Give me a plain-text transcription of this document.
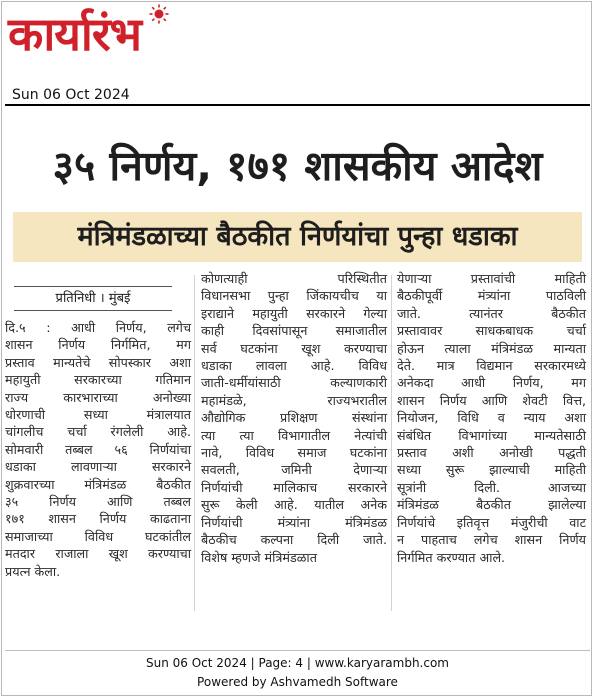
कार्यारंभ
Sun 06 Oct 2024
३५ निर्णय, १७१ शासकीय आदेश
मंत्रिमंडळाच्या बैठकीत निर्णयांचा पुन्हा धडाका
प्रतिनिधी । मुंबई
दि.५ : आधी निर्णय, लगेच
शासन निर्णय निर्गमित, मग
प्रस्ताव मान्यतेचे सोपस्कार अशा
महायुती सरकारच्या गतिमान
राज्य कारभाराच्या अनोख्या
धोरणाची सध्या मंत्रालयात
चांगलीच चर्चा रंगलेली आहे.
सोमवारी तब्बल ५६ निर्णयांचा
धडाका लावणाऱ्या सरकारने
शुक्रवारच्या मंत्रिमंडळ बैठकीत
३५ निर्णय आणि तब्बल
१७१ शासन निर्णय काढताना
समाजाच्या विविध घटकांतील
मतदार राजाला खूश करण्याचा
प्रयत्न केला.
कोणत्याही परिस्थितीत
विधानसभा पुन्हा जिंकायचीच या
इराद्याने महायुती सरकारने गेल्या
काही दिवसांपासून समाजातील
सर्व घटकांना खूश करण्याचा
धडाका लावला आहे. विविध
जाती-धर्मीयांसाठी कल्याणकारी
महामंडळे, राज्यभरातील
औद्योगिक प्रशिक्षण संस्थांना
त्या त्या विभागातील नेत्यांची
नावे, विविध समाज घटकांना
सवलती, जमिनी देणाऱ्या
निर्णयांची मालिकाच सरकारने
सुरू केली आहे. यातील अनेक
निर्णयांची मंत्र्यांना मंत्रिमंडळ
बैठकीच कल्पना दिली जाते.
विशेष म्हणजे मंत्रिमंडळात
येणाऱ्या प्रस्तावांची माहिती
बैठकीपूर्वी मंत्र्यांना पाठविली
जाते. त्यानंतर बैठकीत
प्रस्तावावर साधकबाधक चर्चा
होऊन त्याला मंत्रिमंडळ मान्यता
देते. मात्र विद्यमान सरकारमध्ये
अनेकदा आधी निर्णय, मग
शासन निर्णय आणि शेवटी वित्त,
नियोजन, विधि व न्याय अशा
संबंधित विभागांच्या मान्यतेसाठी
प्रस्ताव अशी अनोखी पद्धती
सध्या सुरू झाल्याची माहिती
सूत्रांनी दिली. आजच्या
मंत्रिमंडळ बैठकीत झालेल्या
निर्णयांचे इतिवृत्त मंजुरीची वाट
न पाहताच लगेच शासन निर्णय
निर्गमित करण्यात आले.
Sun 06 Oct 2024 | Page: 4 | www.karyarambh.com
Powered by Ashvamedh Software
